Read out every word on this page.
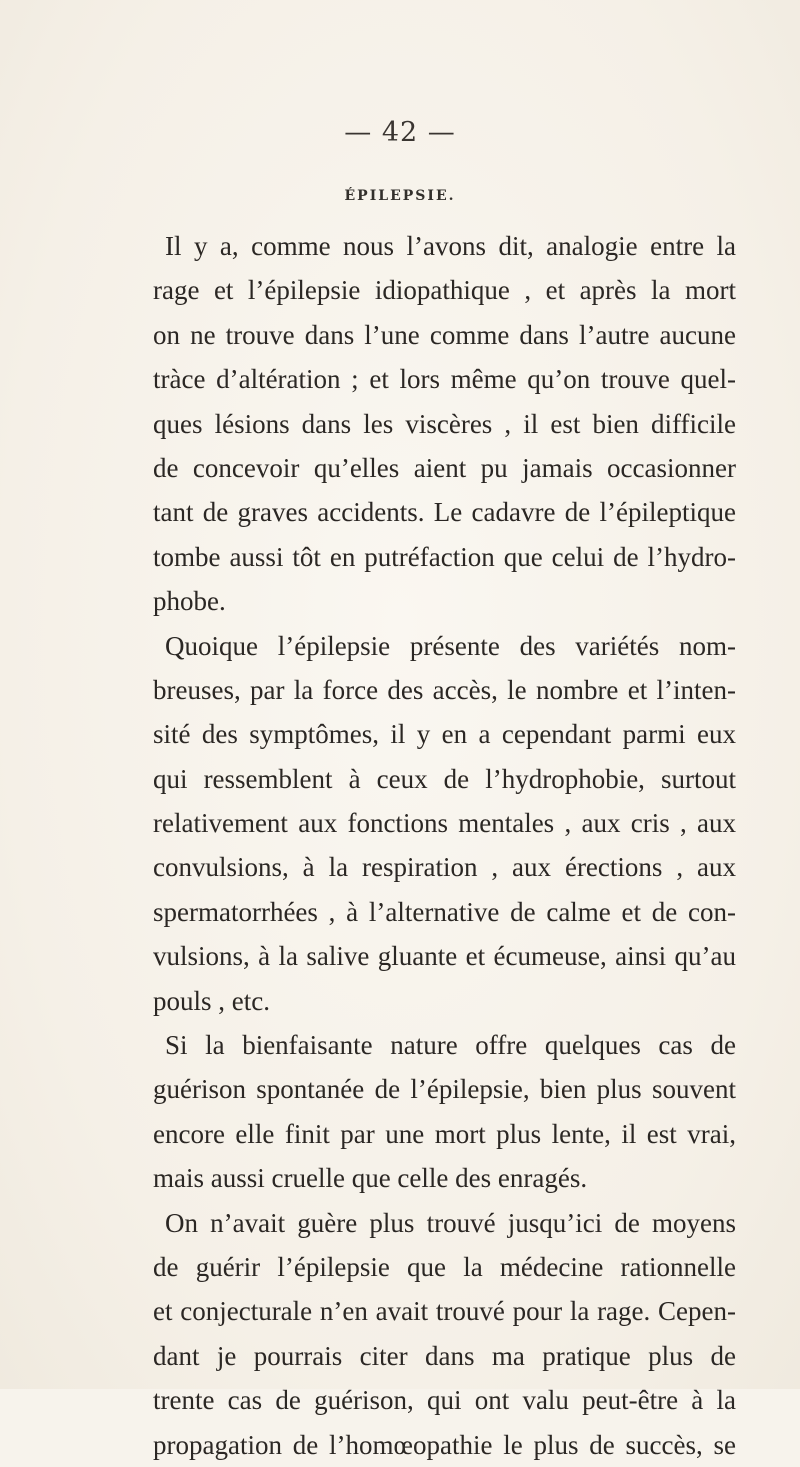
— 42 —
ÉPILEPSIE.
Il y a, comme nous l’avons dit, analogie entre la
rage et l’épilepsie idiopathique , et après la mort
on ne trouve dans l’une comme dans l’autre aucune
tràce d’altération ; et lors même qu’on trouve quel-
ques lésions dans les viscères , il est bien difficile
de concevoir qu’elles aient pu jamais occasionner
tant de graves accidents. Le cadavre de l’épileptique
tombe aussi tôt en putréfaction que celui de l’hydro-
phobe.
Quoique l’épilepsie présente des variétés nom-
breuses, par la force des accès, le nombre et l’inten-
sité des symptômes, il y en a cependant parmi eux
qui ressemblent à ceux de l’hydrophobie, surtout
relativement aux fonctions mentales , aux cris , aux
convulsions, à la respiration , aux érections , aux
spermatorrhées , à l’alternative de calme et de con-
vulsions, à la salive gluante et écumeuse, ainsi qu’au
pouls , etc.
Si la bienfaisante nature offre quelques cas de
guérison spontanée de l’épilepsie, bien plus souvent
encore elle finit par une mort plus lente, il est vrai,
mais aussi cruelle que celle des enragés.
On n’avait guère plus trouvé jusqu’ici de moyens
de guérir l’épilepsie que la médecine rationnelle
et conjecturale n’en avait trouvé pour la rage. Cepen-
dant je pourrais citer dans ma pratique plus de
trente cas de guérison, qui ont valu peut-être à la
propagation de l’homœopathie le plus de succès, se
